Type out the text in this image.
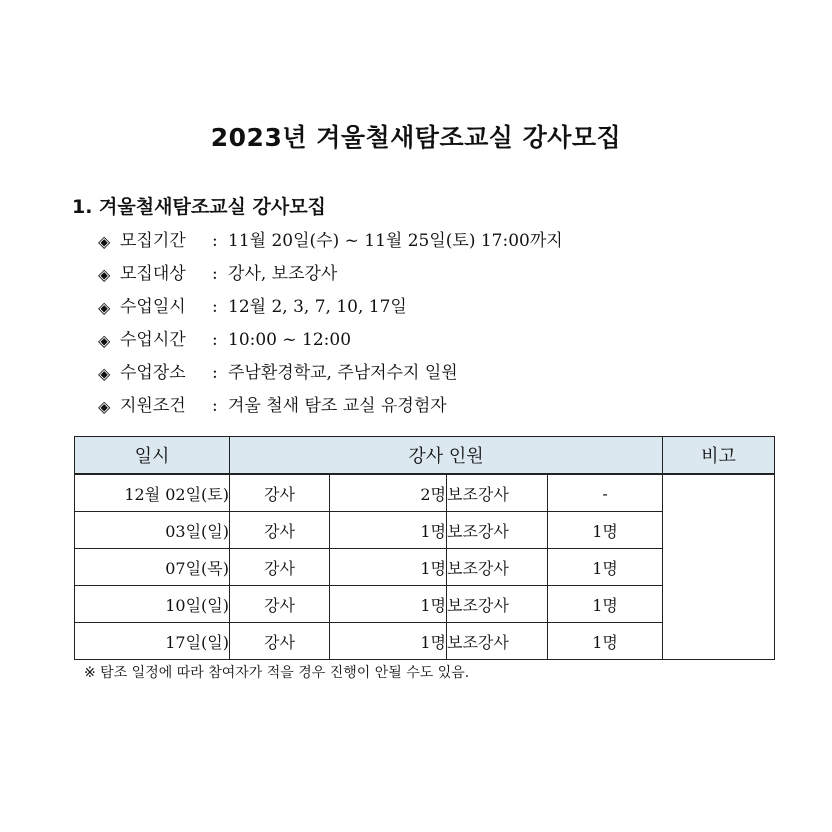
2023년 겨울철새탐조교실 강사모집
1. 겨울철새탐조교실 강사모집
◈ 모집기간	: 11월 20일(수) ~ 11월 25일(토) 17:00까지
◈ 모집대상	: 강사, 보조강사
◈ 수업일시	: 12월 2, 3, 7, 10, 17일
◈ 수업시간	: 10:00 ~ 12:00
◈ 수업장소	: 주남환경학교, 주남저수지 일원
◈ 지원조건	: 겨울 철새 탐조 교실 유경험자
일시	강사 인원				비고
12월 02일(토)	강사	2명	보조강사	-	
03일(일)	강사	1명	보조강사	1명	
07일(목)	강사	1명	보조강사	1명	
10일(일)	강사	1명	보조강사	1명	
17일(일)	강사	1명	보조강사	1명	
※ 탐조 일정에 따라 참여자가 적을 경우 진행이 안될 수도 있음.
